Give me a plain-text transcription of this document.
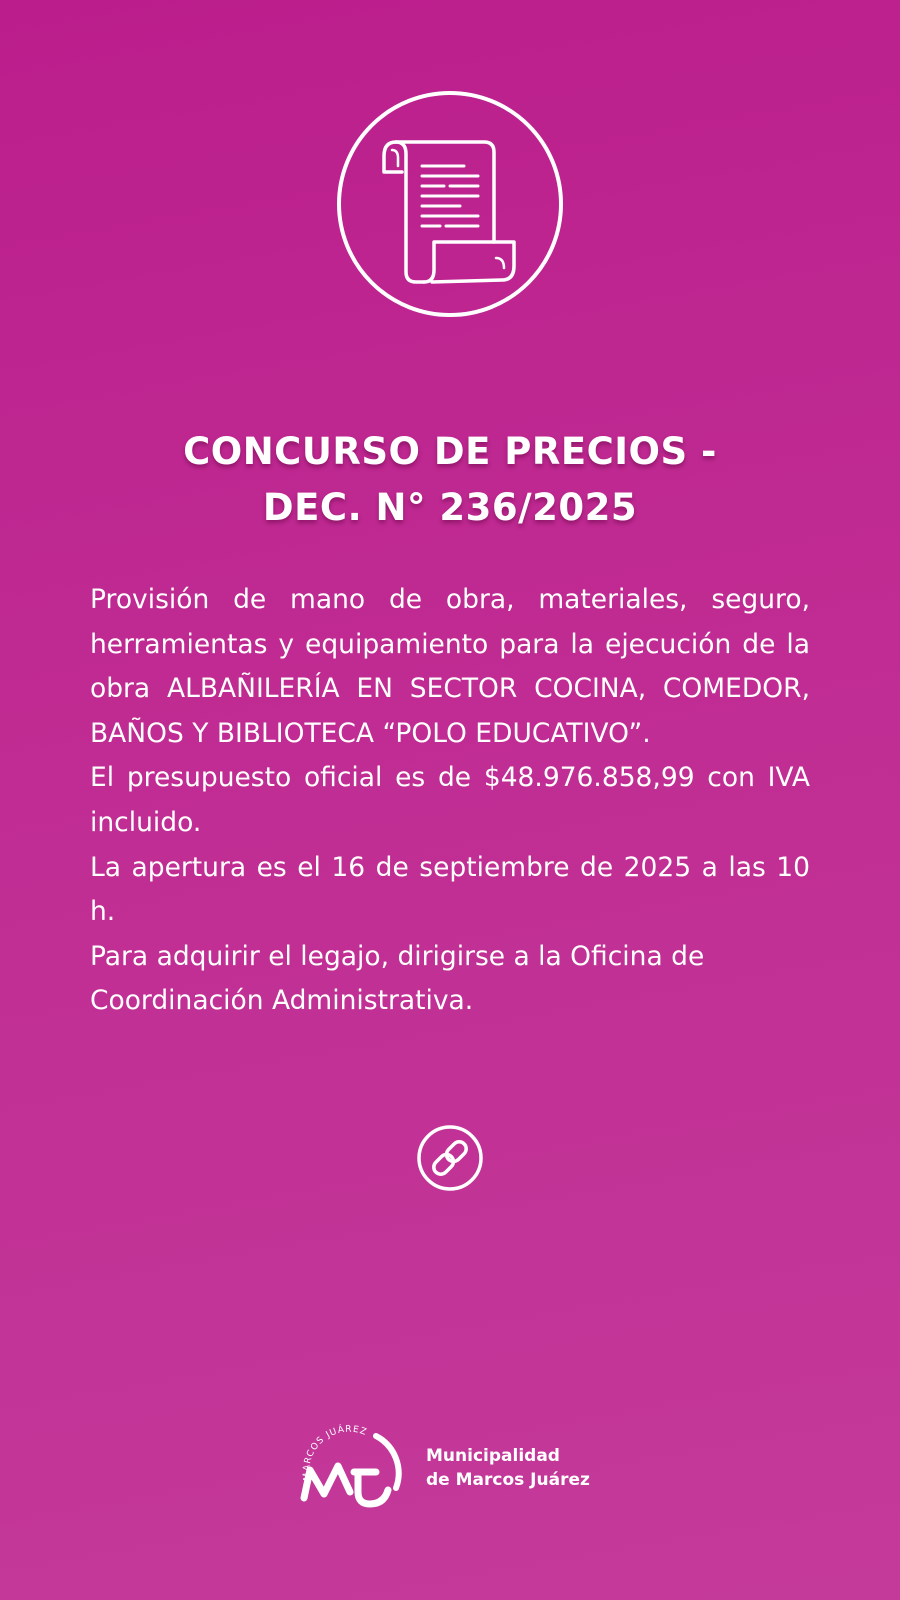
CONCURSO DE PRECIOS -
DEC. N° 236/2025

Provisión de mano de obra, materiales, seguro, herramientas y equipamiento para la ejecución de la obra ALBAÑILERÍA EN SECTOR COCINA, COMEDOR, BAÑOS Y BIBLIOTECA “POLO EDUCATIVO”.

El presupuesto oficial es de $48.976.858,99 con IVA incluido.

La apertura es el 16 de septiembre de 2025 a las 10 h.

Para adquirir el legajo, dirigirse a la Oficina de Coordinación Administrativa.

MARCOS JUÁREZ
Municipalidad
de Marcos Juárez
